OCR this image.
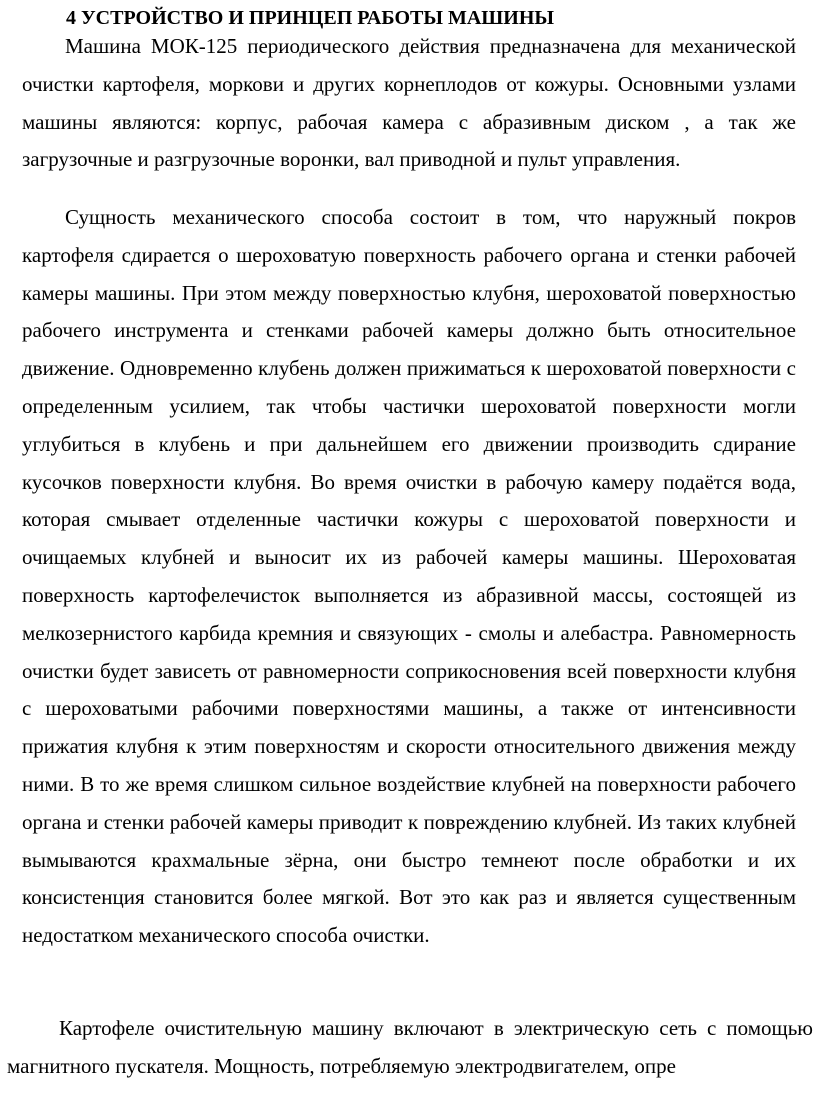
4 УСТРОЙСТВО И ПРИНЦЕП РАБОТЫ МАШИНЫ

Машина МОК-125 периодического действия предназначена для механической очистки картофеля, моркови и других корнеплодов от кожуры. Основными узлами машины являются: корпус, рабочая камера с абразивным диском , а так же загрузочные и разгрузочные воронки, вал приводной и пульт управления.

Сущность механического способа состоит в том, что наружный покров картофеля сдирается о шероховатую поверхность рабочего органа и стенки рабочей камеры машины. При этом между поверхностью клубня, шероховатой поверхностью рабочего инструмента и стенками рабочей камеры должно быть относительное движение. Одновременно клубень должен прижиматься к шероховатой поверхности с определенным усилием, так чтобы частички шероховатой поверхности могли углубиться в клубень и при дальнейшем его движении производить сдирание кусочков поверхности клубня. Во время очистки в рабочую камеру подаётся вода, которая смывает отделенные частички кожуры с шероховатой поверхности и очищаемых клубней и выносит их из рабочей камеры машины. Шероховатая поверхность картофелечисток выполняется из абразивной массы, состоящей из мелкозернистого карбида кремния и связующих - смолы и алебастра. Равномерность очистки будет зависеть от равномерности соприкосновения всей поверхности клубня с шероховатыми рабочими поверхностями машины, а также от интенсивности прижатия клубня к этим поверхностям и скорости относительного движения между ними. В то же время слишком сильное воздействие клубней на поверхности рабочего органа и стенки рабочей камеры приводит к повреждению клубней. Из таких клубней вымываются крахмальные зёрна, они быстро темнеют после обработки и их консистенция становится более мягкой. Вот это как раз и является существенным недостатком механического способа очистки.

Картофеле очистительную машину включают в электрическую сеть с помощью магнитного пускателя. Мощность, потребляемую электродвигателем, опре
